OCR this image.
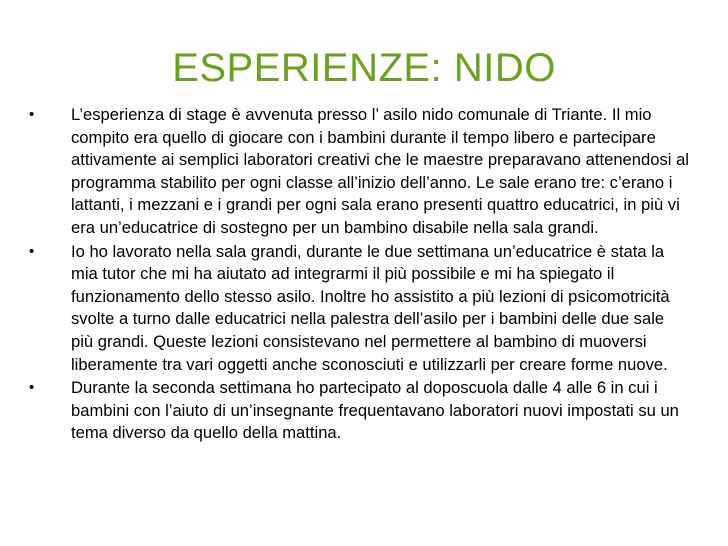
ESPERIENZE: NIDO
•	L’esperienza di stage è avvenuta presso l’ asilo nido comunale di Triante. Il mio compito era quello di giocare con i bambini durante il tempo libero e partecipare attivamente ai semplici laboratori creativi che le maestre preparavano attenendosi al programma stabilito per ogni classe all’inizio dell’anno. Le sale erano tre: c’erano i lattanti, i mezzani e i grandi per ogni sala erano presenti quattro educatrici, in più vi era un’educatrice di sostegno per un bambino disabile nella sala grandi.
•	Io ho lavorato nella sala grandi, durante le due settimana un’educatrice è stata la mia tutor che mi ha aiutato ad integrarmi il più possibile e mi ha spiegato il funzionamento dello stesso asilo. Inoltre ho assistito a più lezioni di psicomotricità svolte a turno dalle educatrici nella palestra dell’asilo per i bambini delle due sale più grandi. Queste lezioni consistevano nel permettere al bambino di muoversi liberamente tra vari oggetti anche sconosciuti e utilizzarli per creare forme nuove.
•	Durante la seconda settimana ho partecipato al doposcuola dalle 4 alle 6 in cui i bambini con l’aiuto di un’insegnante frequentavano laboratori nuovi impostati su un tema diverso da quello della mattina.
